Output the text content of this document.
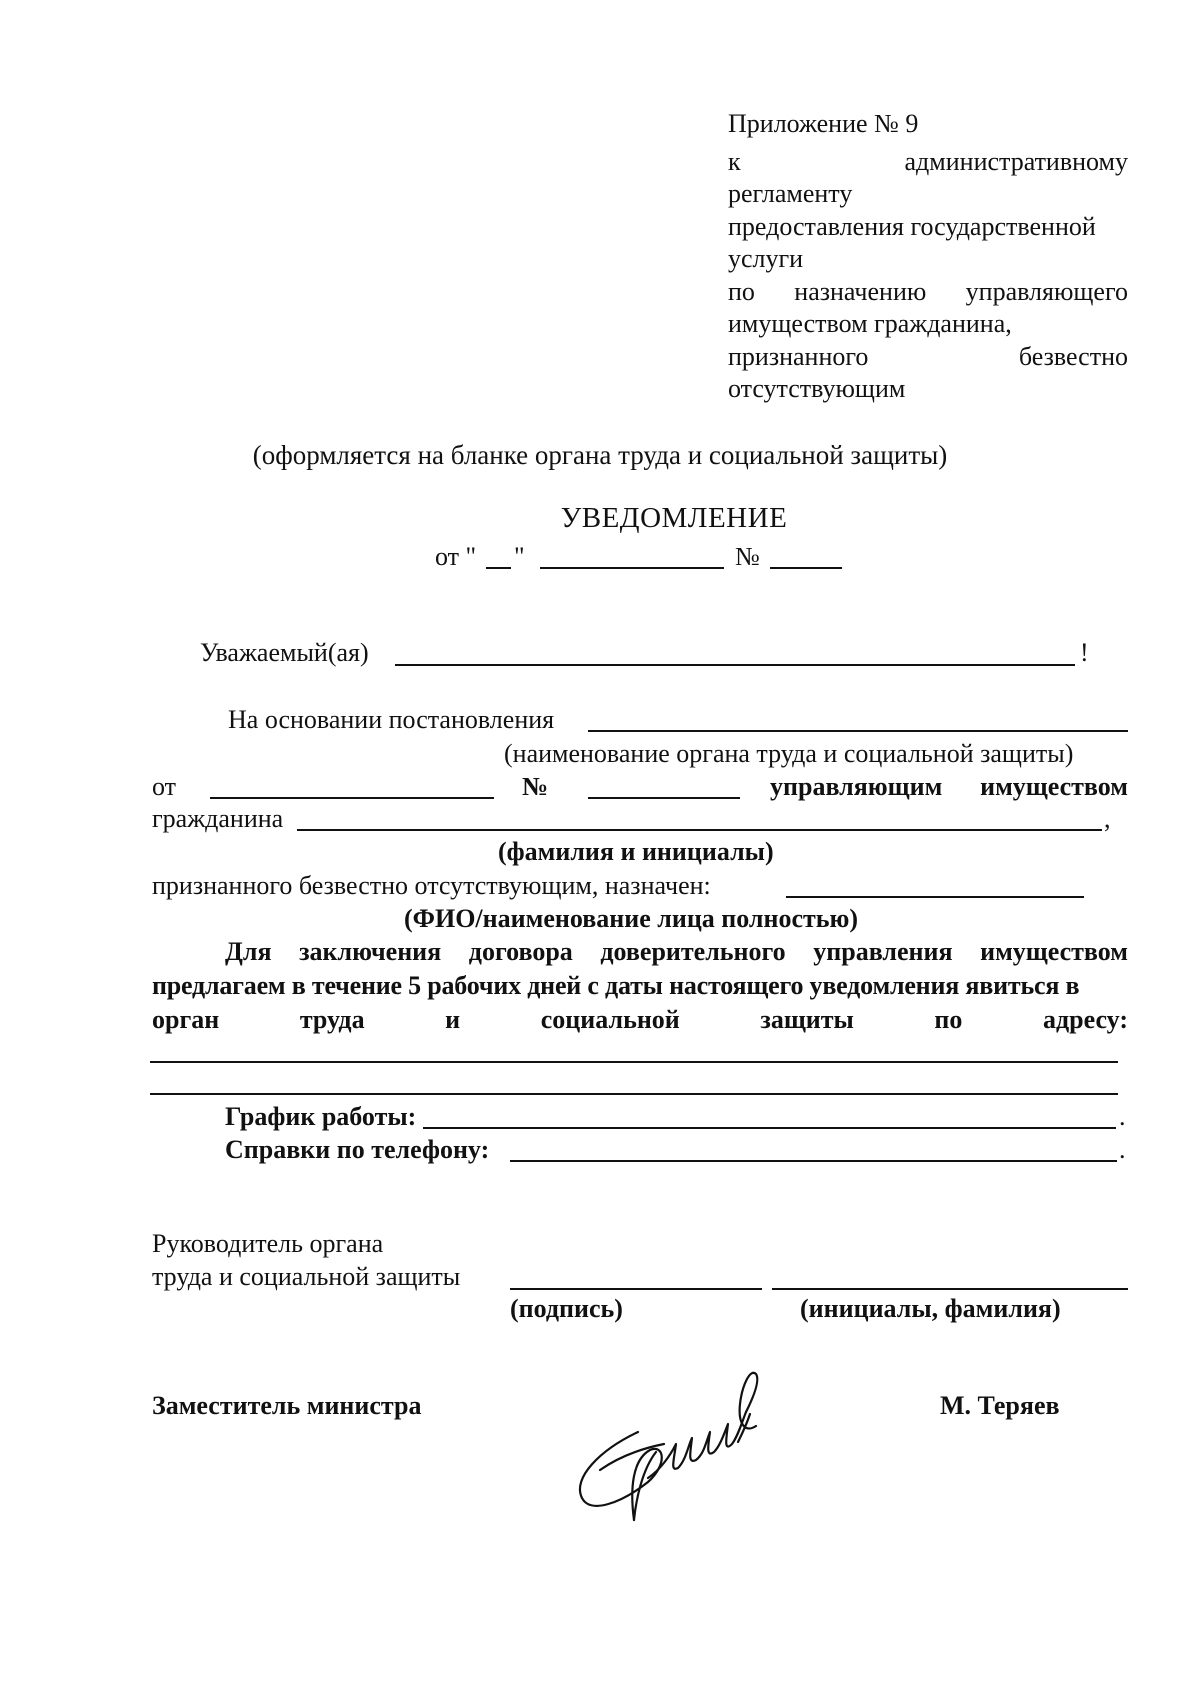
Приложение № 9
к	административному
регламенту
предоставления государственной
услуги
по назначению управляющего
имуществом гражданина,
признанного	безвестно
отсутствующим
(оформляется на бланке органа труда и социальной защиты)
УВЕДОМЛЕНИЕ
от " "	№
Уважаемый(ая)	!
На основании постановления
(наименование органа труда и социальной защиты)
от	№	управляющим имуществом
гражданина	,
(фамилия и инициалы)
признанного безвестно отсутствующим, назначен:
(ФИО/наименование лица полностью)
Для заключения договора доверительного управления имуществом
предлагаем в течение 5 рабочих дней с даты настоящего уведомления явиться в
орган	труда	и	социальной	защиты	по	адресу:
График работы:	.
Справки по телефону:	.
Руководитель органа
труда и социальной защиты
(подпись)	(инициалы, фамилия)
Заместитель министра	М. Теряев
